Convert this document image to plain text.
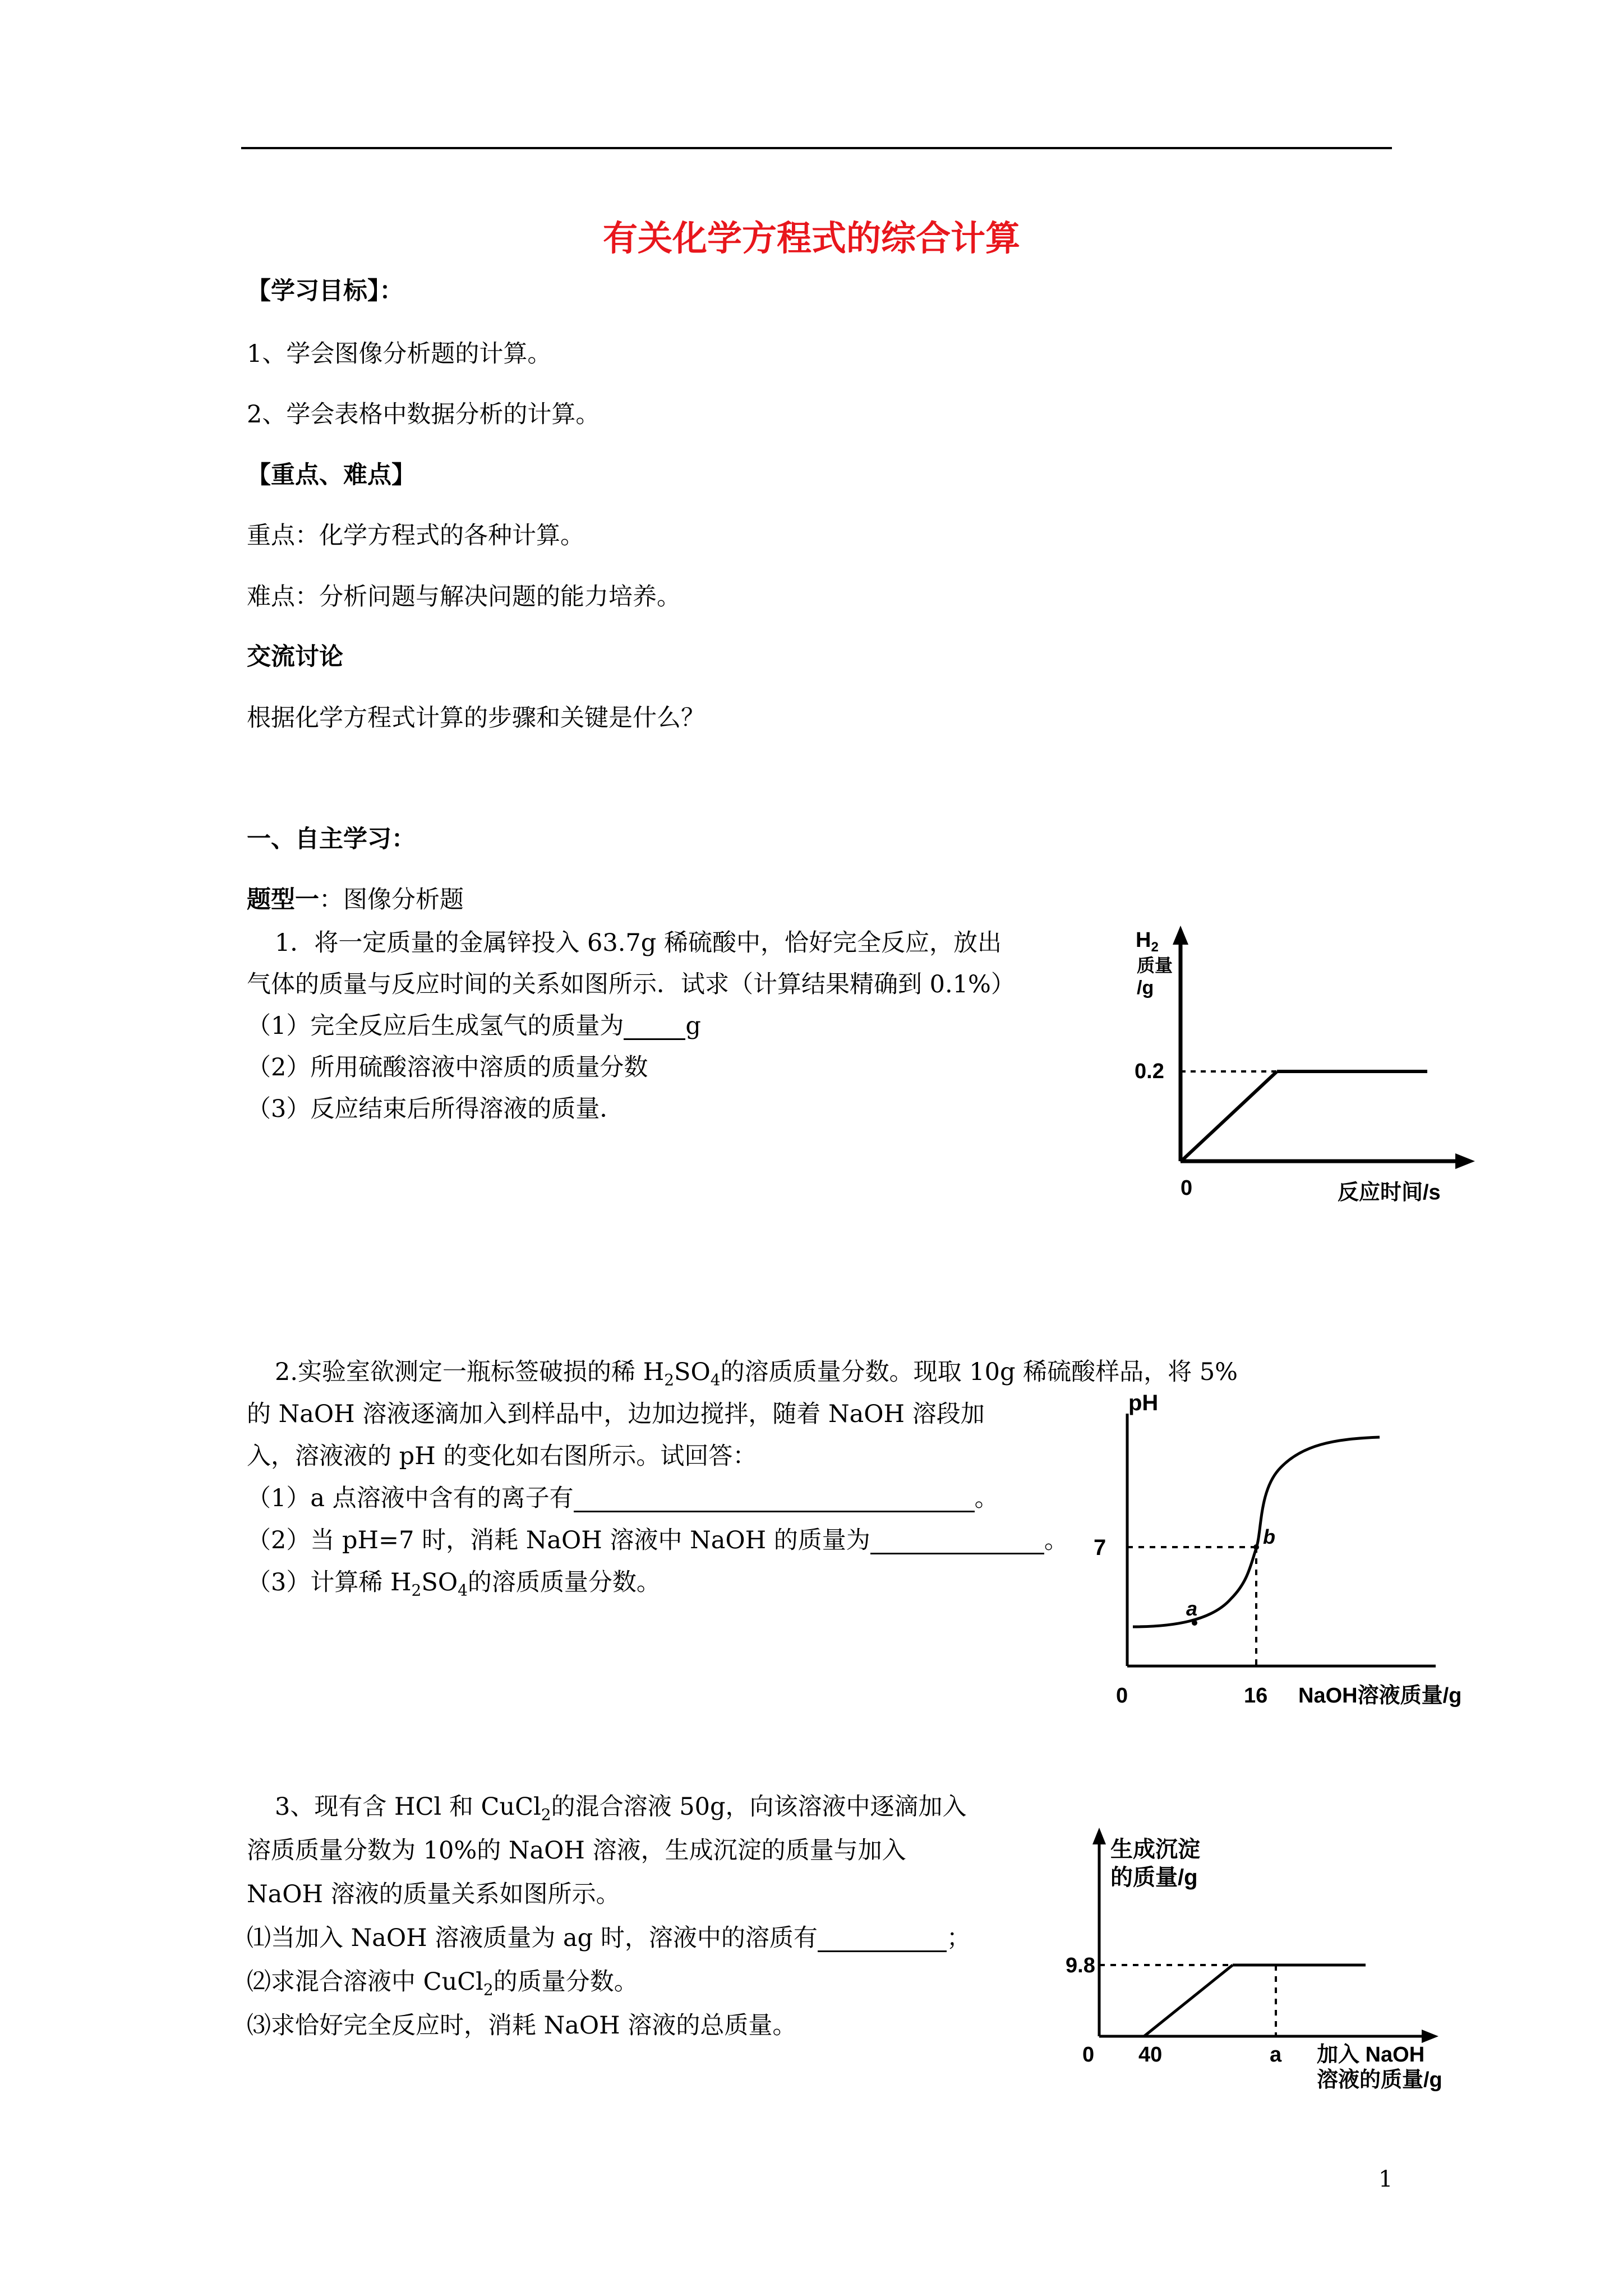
有关化学方程式的综合计算
【学习目标】：
1、学会图像分析题的计算。
2、学会表格中数据分析的计算。
【重点、难点】
重点：化学方程式的各种计算。
难点：分析问题与解决问题的能力培养。
交流讨论
根据化学方程式计算的步骤和关键是什么？
一、自主学习：
题型一：图像分析题
1．将一定质量的金属锌投入 63.7g 稀硫酸中，恰好完全反应，放出
气体的质量与反应时间的关系如图所示．试求（计算结果精确到 0.1%）
（1）完全反应后生成氢气的质量为	g
（2）所用硫酸溶液中溶质的质量分数
（3）反应结束后所得溶液的质量．
0.2
0
$H_2$
质量
/g
反应时间/s
2.实验室欲测定一瓶标签破损的稀 $H_2SO_4$的溶质质量分数。现取 10g 稀硫酸样品，将 5%
的 NaOH 溶液逐滴加入到样品中，边加边搅拌，随着 NaOH 溶段加
入，溶液液的 pH 的变化如右图所示。试回答：
（1）a 点溶液中含有的离子有	。
（2）当 pH=7 时，消耗 NaOH 溶液中 NaOH 的质量为	。
（3）计算稀 $H_2SO_4$的溶质质量分数。
pH
7
a
b
0	16 NaOH溶液质量/g
3、现有含 HCl 和 CuCl$_2$的混合溶液 50g，向该溶液中逐滴加入
溶质质量分数为 10%的 NaOH 溶液，生成沉淀的质量与加入
NaOH 溶液的质量关系如图所示。
⑴当加入 NaOH 溶液质量为 ag 时，溶液中的溶质有	；
⑵求混合溶液中 CuCl$_2$的质量分数。
⑶求恰好完全反应时，消耗 NaOH 溶液的总质量。
生成沉淀
的质量/g
9.8
0 40	a 加入 NaOH
溶液的质量/g
1
